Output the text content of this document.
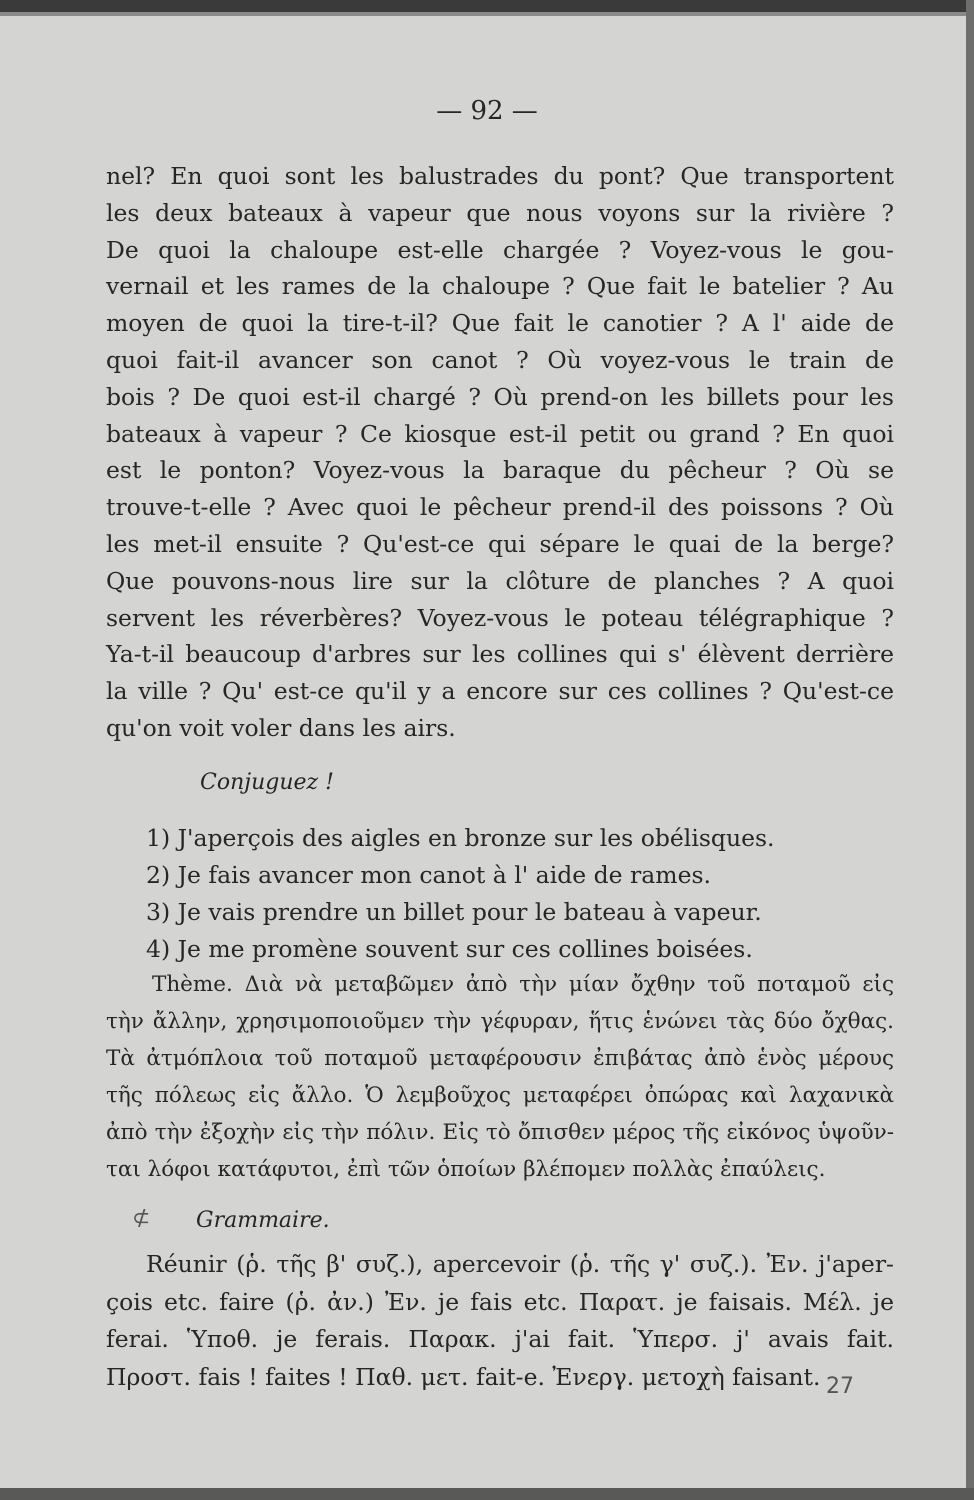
— 92 —
nel? En quoi sont les balustrades du pont? Que transportent
les deux bateaux à vapeur que nous voyons sur la rivière ?
De quoi la chaloupe est-elle chargée ? Voyez-vous le gou-
vernail et les rames de la chaloupe ? Que fait le batelier ? Au
moyen de quoi la tire-t-il? Que fait le canotier ? A l' aide de
quoi fait-il avancer son canot ? Où voyez-vous le train de
bois ? De quoi est-il chargé ? Où prend-on les billets pour les
bateaux à vapeur ? Ce kiosque est-il petit ou grand ? En quoi
est le ponton? Voyez-vous la baraque du pêcheur ? Où se
trouve-t-elle ? Avec quoi le pêcheur prend-il des poissons ? Où
les met-il ensuite ? Qu'est-ce qui sépare le quai de la berge?
Que pouvons-nous lire sur la clôture de planches ? A quoi
servent les réverbères? Voyez-vous le poteau télégraphique ?
Ya-t-il beaucoup d'arbres sur les collines qui s' élèvent derrière
la ville ? Qu' est-ce qu'il y a encore sur ces collines ? Qu'est-ce
qu'on voit voler dans les airs.
Conjuguez !
1) J'aperçois des aigles en bronze sur les obélisques.
2) Je fais avancer mon canot à l' aide de rames.
3) Je vais prendre un billet pour le bateau à vapeur.
4) Je me promène souvent sur ces collines boisées.
Thème. Διὰ νὰ μεταβῶμεν ἀπὸ τὴν μίαν ὄχθην τοῦ ποταμοῦ εἰς
τὴν ἄλλην, χρησιμοποιοῦμεν τὴν γέφυραν, ἥτις ἑνώνει τὰς δύο ὄχθας.
Τὰ ἀτμόπλοια τοῦ ποταμοῦ μεταφέρουσιν ἐπιβάτας ἀπὸ ἑνὸς μέρους
τῆς πόλεως εἰς ἄλλο. Ὁ λεμβοῦχος μεταφέρει ὀπώρας καὶ λαχανικὰ
ἀπὸ τὴν ἐξοχὴν εἰς τὴν πόλιν. Εἰς τὸ ὄπισθεν μέρος τῆς εἰκόνος ὑψοῦν-
ται λόφοι κατάφυτοι, ἐπὶ τῶν ὁποίων βλέπομεν πολλὰς ἐπαύλεις.
⊄ Grammaire.
Réunir (ῥ. τῆς β' συζ.), apercevoir (ῥ. τῆς γ' συζ.). Ἐν. j'aper-
çois etc. faire (ῥ. ἀν.) Ἐν. je fais etc. Παρατ. je faisais. Μέλ. je
ferai. Ὑποθ. je ferais. Παρακ. j'ai fait. Ὑπερσ. j' avais fait.
Προστ. fais ! faites ! Παθ. μετ. fait-e. Ἐνεργ. μετοχὴ faisant. 27
